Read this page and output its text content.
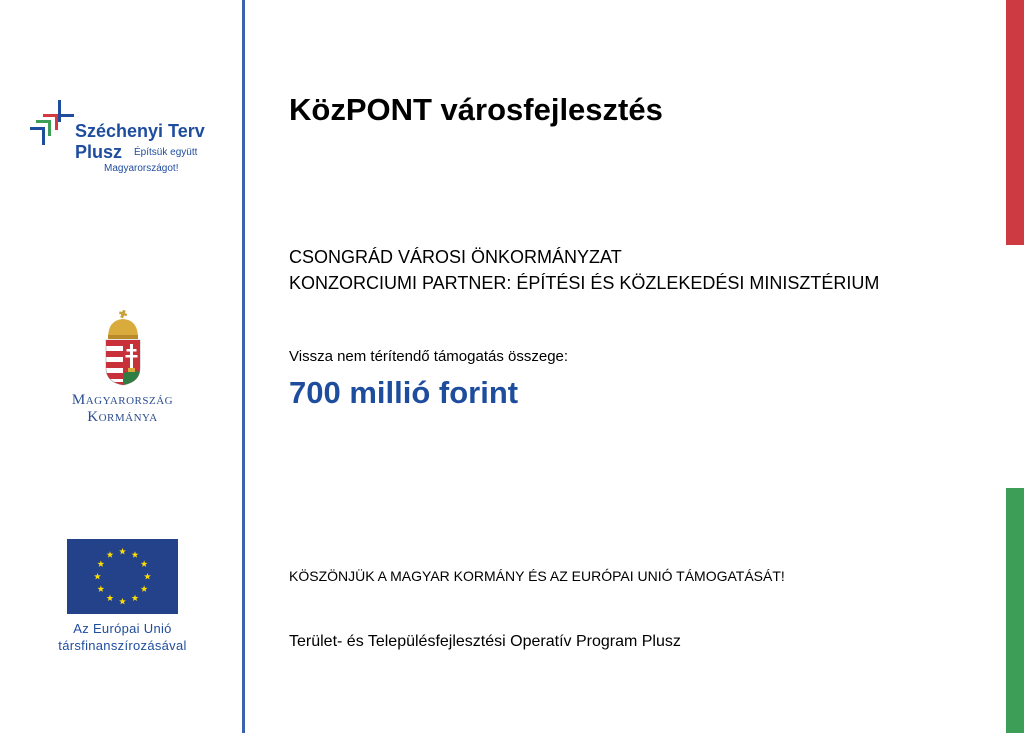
Széchenyi Terv
Plusz Építsük együtt
Magyarországot!
Magyarország
Kormánya
Az Európai Unió
társfinanszírozásával
KözPONT városfejlesztés
CSONGRÁD VÁROSI ÖNKORMÁNYZAT
KONZORCIUMI PARTNER: ÉPÍTÉSI ÉS KÖZLEKEDÉSI MINISZTÉRIUM
Vissza nem térítendő támogatás összege:
700 millió forint
KÖSZÖNJÜK A MAGYAR KORMÁNY ÉS AZ EURÓPAI UNIÓ TÁMOGATÁSÁT!
Terület- és Településfejlesztési Operatív Program Plusz
